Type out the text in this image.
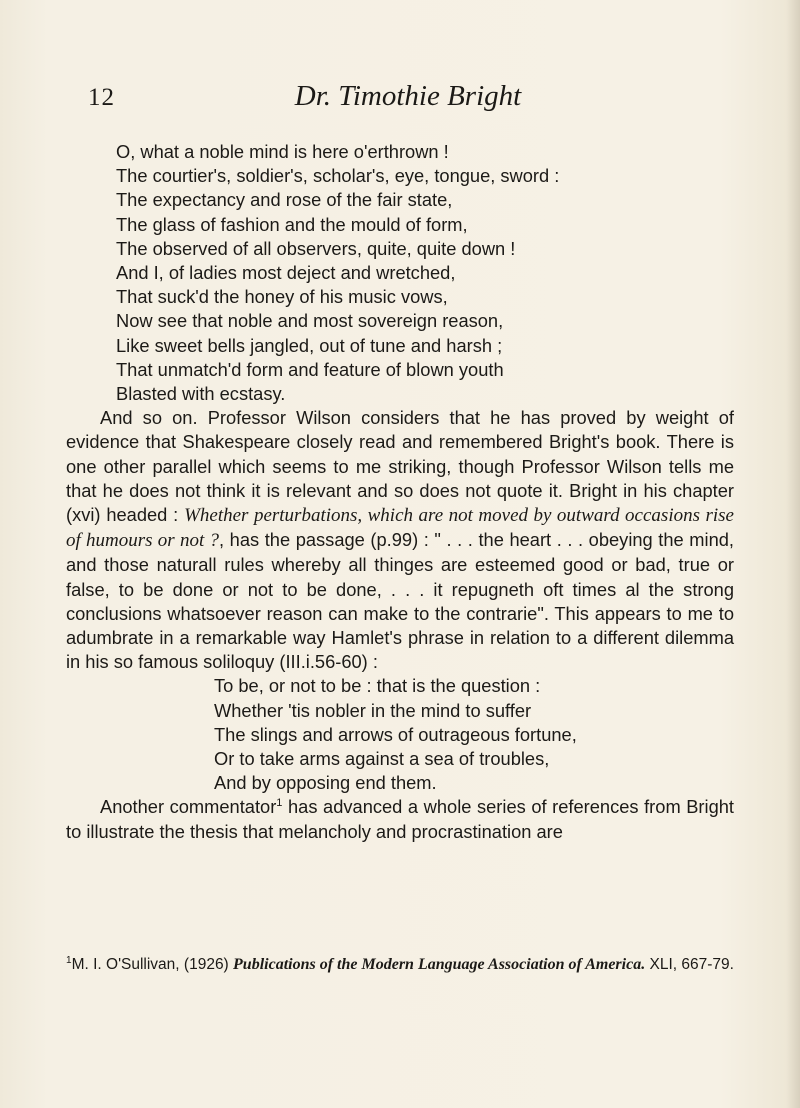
12	Dr. Timothie Bright
O, what a noble mind is here o'erthrown !
The courtier's, soldier's, scholar's, eye, tongue, sword :
The expectancy and rose of the fair state,
The glass of fashion and the mould of form,
The observed of all observers, quite, quite down !
And I, of ladies most deject and wretched,
That suck'd the honey of his music vows,
Now see that noble and most sovereign reason,
Like sweet bells jangled, out of tune and harsh ;
That unmatch'd form and feature of blown youth
Blasted with ecstasy.

And so on. Professor Wilson considers that he has proved by weight of evidence that Shakespeare closely read and remembered Bright's book. There is one other parallel which seems to me striking, though Professor Wilson tells me that he does not think it is relevant and so does not quote it. Bright in his chapter (xvi) headed : Whether perturbations, which are not moved by outward occasions rise of humours or not ?, has the passage (p.99) : " . . . the heart . . . obeying the mind, and those naturall rules whereby all thinges are esteemed good or bad, true or false, to be done or not to be done, . . . it repugneth oft times al the strong conclusions whatsoever reason can make to the contrarie". This appears to me to adumbrate in a remarkable way Hamlet's phrase in relation to a different dilemma in his so famous soliloquy (III.i.56-60) :

To be, or not to be : that is the question :
Whether 'tis nobler in the mind to suffer
The slings and arrows of outrageous fortune,
Or to take arms against a sea of troubles,
And by opposing end them.

Another commentator$^1$ has advanced a whole series of references from Bright to illustrate the thesis that melancholy and procrastination are

$^1$M. I. O'Sullivan, (1926) Publications of the Modern Language Association of America. XLI, 667-79.
